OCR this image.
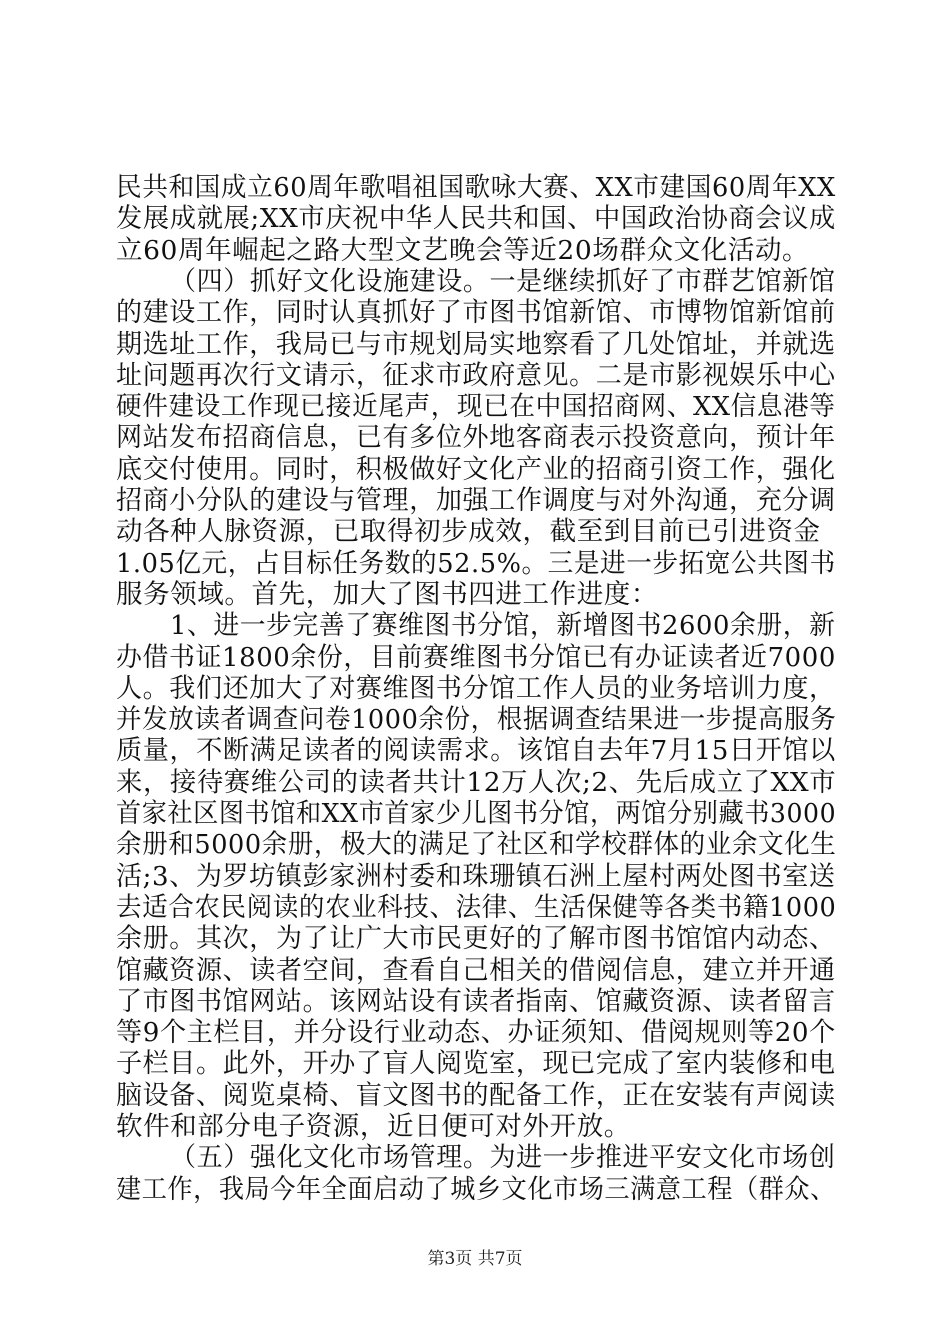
民共和国成立60周年歌唱祖国歌咏大赛、XX市建国60周年XX
发展成就展;XX市庆祝中华人民共和国、中国政治协商会议成
立60周年崛起之路大型文艺晚会等近20场群众文化活动。
（四）抓好文化设施建设。一是继续抓好了市群艺馆新馆
的建设工作，同时认真抓好了市图书馆新馆、市博物馆新馆前
期选址工作，我局已与市规划局实地察看了几处馆址，并就选
址问题再次行文请示，征求市政府意见。二是市影视娱乐中心
硬件建设工作现已接近尾声，现已在中国招商网、XX信息港等
网站发布招商信息，已有多位外地客商表示投资意向，预计年
底交付使用。同时，积极做好文化产业的招商引资工作，强化
招商小分队的建设与管理，加强工作调度与对外沟通，充分调
动各种人脉资源，已取得初步成效，截至到目前已引进资金
1.05亿元，占目标任务数的52.5%。三是进一步拓宽公共图书
服务领域。首先，加大了图书四进工作进度：
1、进一步完善了赛维图书分馆，新增图书2600余册，新
办借书证1800余份，目前赛维图书分馆已有办证读者近7000
人。我们还加大了对赛维图书分馆工作人员的业务培训力度，
并发放读者调查问卷1000余份，根据调查结果进一步提高服务
质量，不断满足读者的阅读需求。该馆自去年7月15日开馆以
来，接待赛维公司的读者共计12万人次;2、先后成立了XX市
首家社区图书馆和XX市首家少儿图书分馆，两馆分别藏书3000
余册和5000余册，极大的满足了社区和学校群体的业余文化生
活;3、为罗坊镇彭家洲村委和珠珊镇石洲上屋村两处图书室送
去适合农民阅读的农业科技、法律、生活保健等各类书籍1000
余册。其次，为了让广大市民更好的了解市图书馆馆内动态、
馆藏资源、读者空间，查看自己相关的借阅信息，建立并开通
了市图书馆网站。该网站设有读者指南、馆藏资源、读者留言
等9个主栏目，并分设行业动态、办证须知、借阅规则等20个
子栏目。此外，开办了盲人阅览室，现已完成了室内装修和电
脑设备、阅览桌椅、盲文图书的配备工作，正在安装有声阅读
软件和部分电子资源，近日便可对外开放。
（五）强化文化市场管理。为进一步推进平安文化市场创
建工作，我局今年全面启动了城乡文化市场三满意工程（群众、
第3页 共7页
